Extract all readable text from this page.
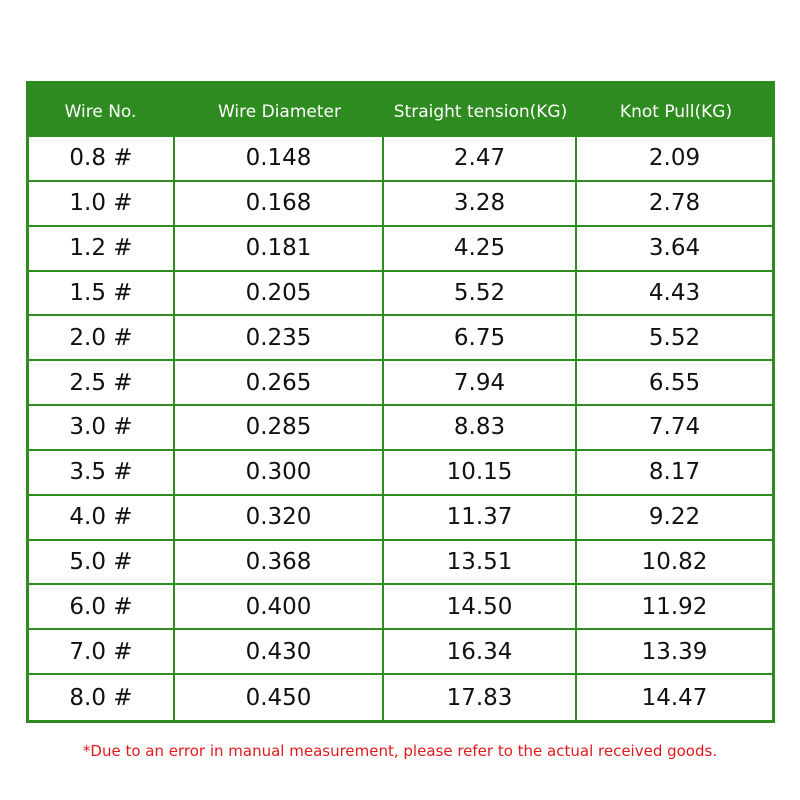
Wire No.	Wire Diameter	Straight tension(KG)	Knot Pull(KG)
0.8 #	0.148	2.47	2.09
1.0 #	0.168	3.28	2.78
1.2 #	0.181	4.25	3.64
1.5 #	0.205	5.52	4.43
2.0 #	0.235	6.75	5.52
2.5 #	0.265	7.94	6.55
3.0 #	0.285	8.83	7.74
3.5 #	0.300	10.15	8.17
4.0 #	0.320	11.37	9.22
5.0 #	0.368	13.51	10.82
6.0 #	0.400	14.50	11.92
7.0 #	0.430	16.34	13.39
8.0 #	0.450	17.83	14.47
*Due to an error in manual measurement, please refer to the actual received goods.
